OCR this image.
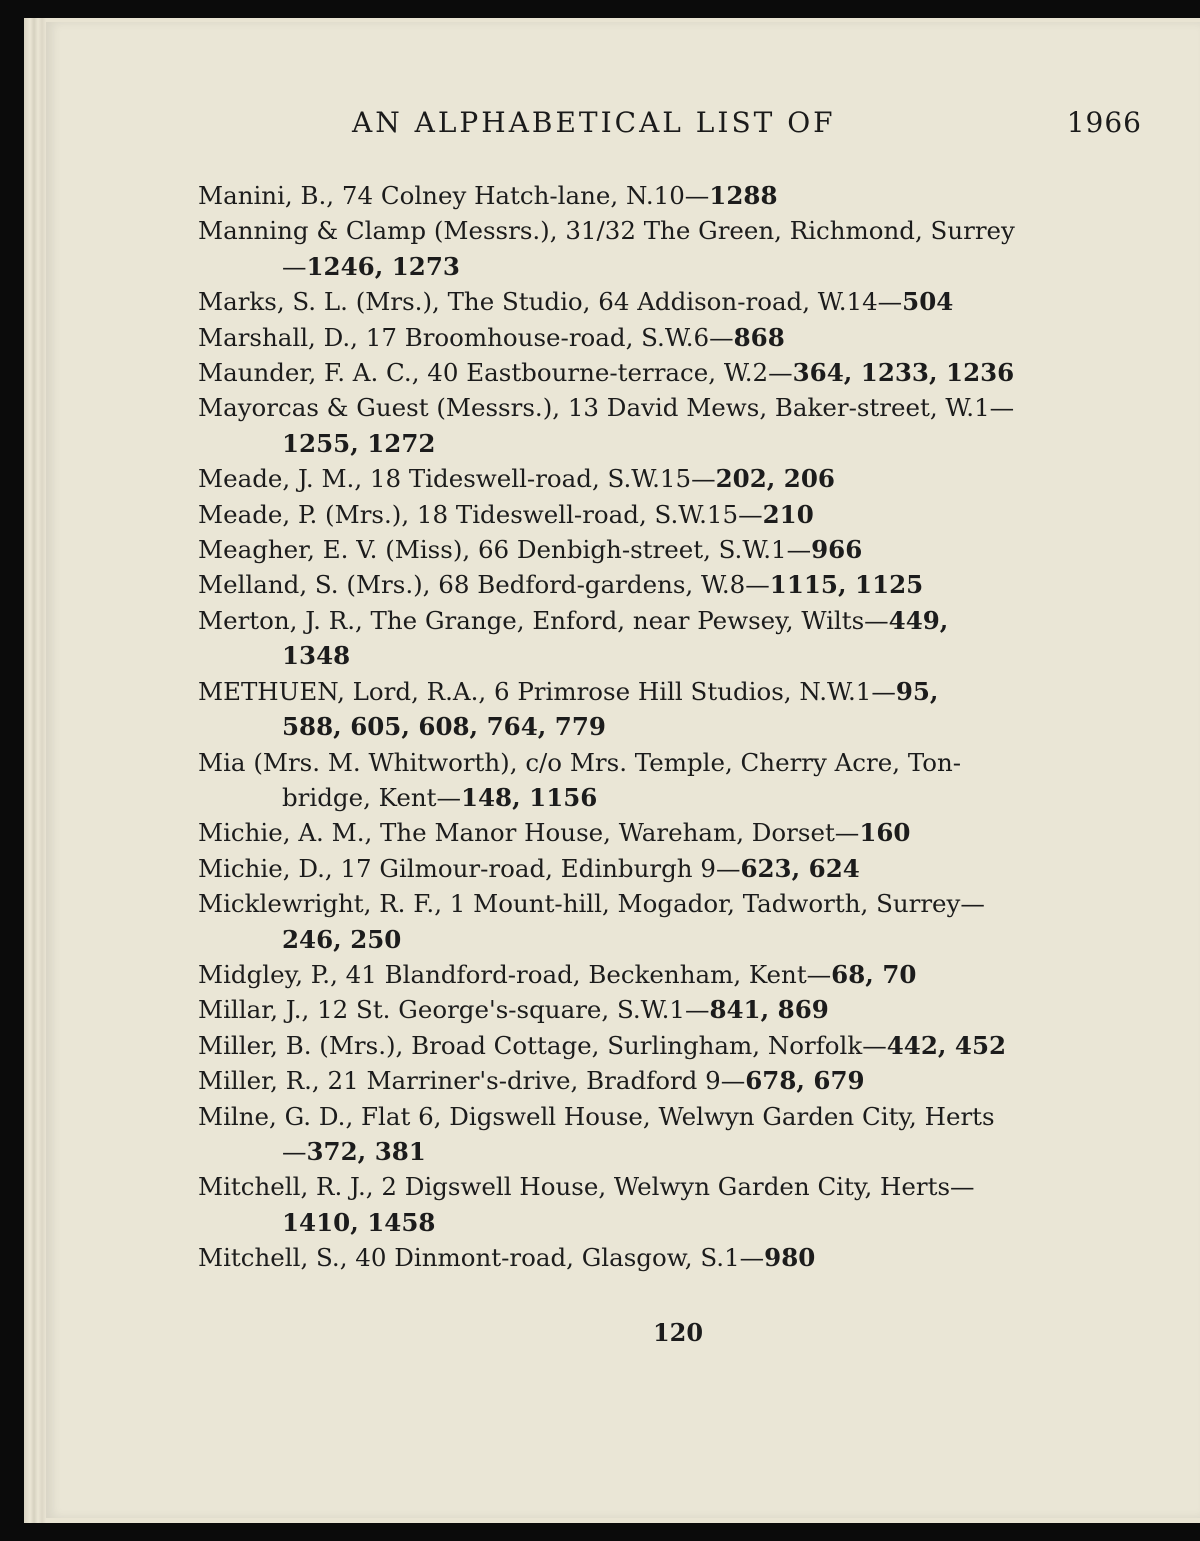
AN ALPHABETICAL LIST OF	1966

Manini, B., 74 Colney Hatch-lane, N.10—1288

Manning & Clamp (Messrs.), 31/32 The Green, Richmond, Surrey
—1246, 1273

Marks, S. L. (Mrs.), The Studio, 64 Addison-road, W.14—504

Marshall, D., 17 Broomhouse-road, S.W.6—868

Maunder, F. A. C., 40 Eastbourne-terrace, W.2—364, 1233, 1236

Mayorcas & Guest (Messrs.), 13 David Mews, Baker-street, W.1—
1255, 1272

Meade, J. M., 18 Tideswell-road, S.W.15—202, 206

Meade, P. (Mrs.), 18 Tideswell-road, S.W.15—210

Meagher, E. V. (Miss), 66 Denbigh-street, S.W.1—966

Melland, S. (Mrs.), 68 Bedford-gardens, W.8—1115, 1125

Merton, J. R., The Grange, Enford, near Pewsey, Wilts—449,
1348

METHUEN, Lord, R.A., 6 Primrose Hill Studios, N.W.1—95,
588, 605, 608, 764, 779

Mia (Mrs. M. Whitworth), c/o Mrs. Temple, Cherry Acre, Ton-
bridge, Kent—148, 1156

Michie, A. M., The Manor House, Wareham, Dorset—160

Michie, D., 17 Gilmour-road, Edinburgh 9—623, 624

Micklewright, R. F., 1 Mount-hill, Mogador, Tadworth, Surrey—
246, 250

Midgley, P., 41 Blandford-road, Beckenham, Kent—68, 70

Millar, J., 12 St. George's-square, S.W.1—841, 869

Miller, B. (Mrs.), Broad Cottage, Surlingham, Norfolk—442, 452

Miller, R., 21 Marriner's-drive, Bradford 9—678, 679

Milne, G. D., Flat 6, Digswell House, Welwyn Garden City, Herts
—372, 381

Mitchell, R. J., 2 Digswell House, Welwyn Garden City, Herts—
1410, 1458

Mitchell, S., 40 Dinmont-road, Glasgow, S.1—980

120
